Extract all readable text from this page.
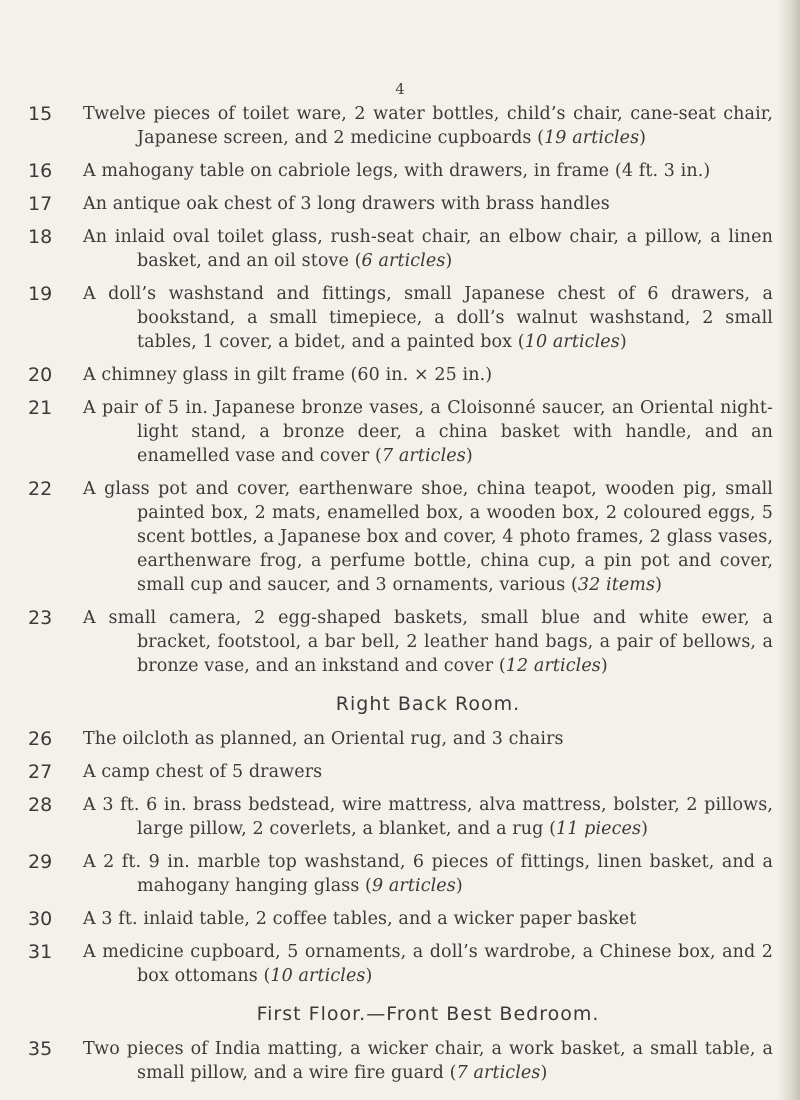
4
15	Twelve pieces of toilet ware, 2 water bottles, child’s chair, cane-seat chair, Japanese screen, and 2 medicine cupboards (19 articles)
16	A mahogany table on cabriole legs, with drawers, in frame (4 ft. 3 in.)
17	An antique oak chest of 3 long drawers with brass handles
18	An inlaid oval toilet glass, rush-seat chair, an elbow chair, a pillow, a linen basket, and an oil stove (6 articles)
19	A doll’s washstand and fittings, small Japanese chest of 6 drawers, a bookstand, a small timepiece, a doll’s walnut washstand, 2 small tables, 1 cover, a bidet, and a painted box (10 articles)
20	A chimney glass in gilt frame (60 in. × 25 in.)
21	A pair of 5 in. Japanese bronze vases, a Cloisonné saucer, an Oriental night-light stand, a bronze deer, a china basket with handle, and an enamelled vase and cover (7 articles)
22	A glass pot and cover, earthenware shoe, china teapot, wooden pig, small painted box, 2 mats, enamelled box, a wooden box, 2 coloured eggs, 5 scent bottles, a Japanese box and cover, 4 photo frames, 2 glass vases, earthenware frog, a perfume bottle, china cup, a pin pot and cover, small cup and saucer, and 3 ornaments, various (32 items)
23	A small camera, 2 egg-shaped baskets, small blue and white ewer, a bracket, footstool, a bar bell, 2 leather hand bags, a pair of bellows, a bronze vase, and an inkstand and cover (12 articles)
Right Back Room.
26	The oilcloth as planned, an Oriental rug, and 3 chairs
27	A camp chest of 5 drawers
28	A 3 ft. 6 in. brass bedstead, wire mattress, alva mattress, bolster, 2 pillows, large pillow, 2 coverlets, a blanket, and a rug (11 pieces)
29	A 2 ft. 9 in. marble top washstand, 6 pieces of fittings, linen basket, and a mahogany hanging glass (9 articles)
30	A 3 ft. inlaid table, 2 coffee tables, and a wicker paper basket
31	A medicine cupboard, 5 ornaments, a doll’s wardrobe, a Chinese box, and 2 box ottomans (10 articles)
First Floor.—Front Best Bedroom.
35	Two pieces of India matting, a wicker chair, a work basket, a small table, a small pillow, and a wire fire guard (7 articles)
